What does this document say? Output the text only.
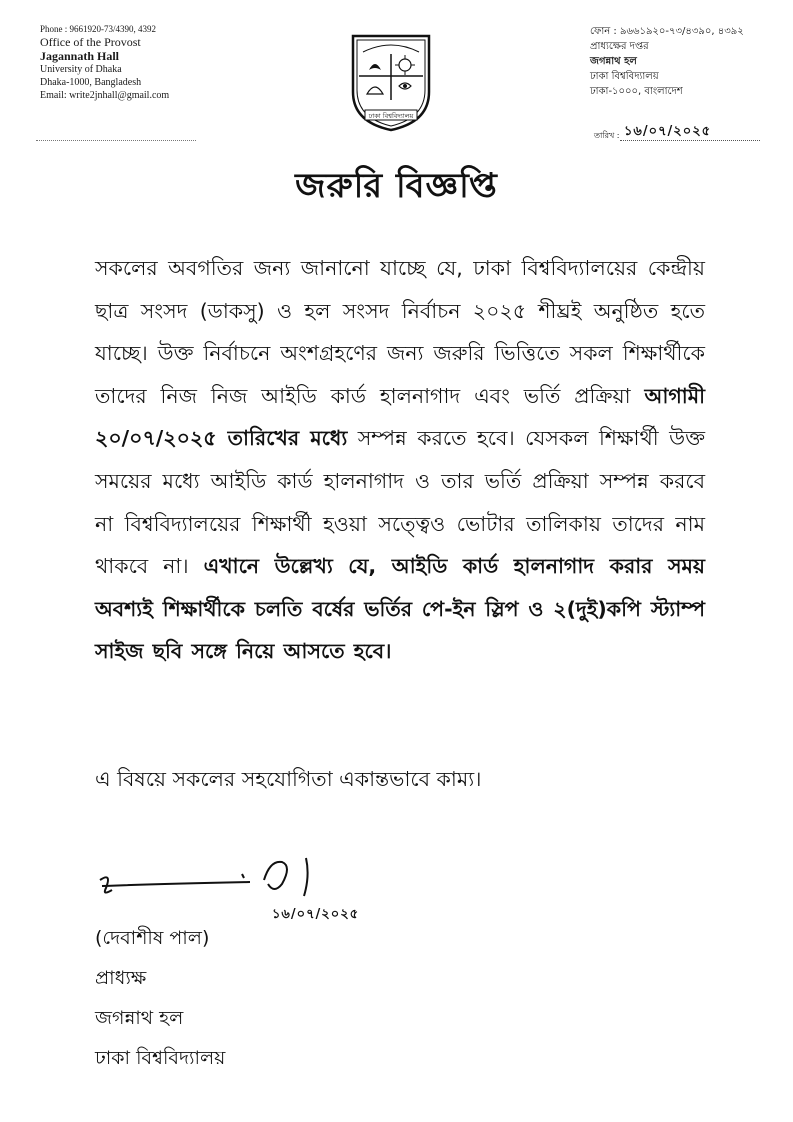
Phone : 9661920-73/4390, 4392
Office of the Provost
Jagannath Hall
University of Dhaka
Dhaka-1000, Bangladesh
Email: write2jnhall@gmail.com
ঢাকা বিশ্ববিদ্যালয়
ফোন : ৯৬৬১৯২০-৭৩/৪৩৯০, ৪৩৯২
প্রাধ্যক্ষের দপ্তর
জগন্নাথ হল
ঢাকা বিশ্ববিদ্যালয়
ঢাকা-১০০০, বাংলাদেশ
তারিখ : ১৬/০৭/২০২৫
জরুরি বিজ্ঞপ্তি
সকলের অবগতির জন্য জানানো যাচ্ছে যে, ঢাকা বিশ্ববিদ্যালয়ের কেন্দ্রীয় ছাত্র সংসদ (ডাকসু) ও হল সংসদ নির্বাচন ২০২৫ শীঘ্রই অনুষ্ঠিত হতে যাচ্ছে। উক্ত নির্বাচনে অংশগ্রহণের জন্য জরুরি ভিত্তিতে সকল শিক্ষার্থীকে তাদের নিজ নিজ আইডি কার্ড হালনাগাদ এবং ভর্তি প্রক্রিয়া আগামী ২০/০৭/২০২৫ তারিখের মধ্যে সম্পন্ন করতে হবে। যেসকল শিক্ষার্থী উক্ত সময়ের মধ্যে আইডি কার্ড হালনাগাদ ও তার ভর্তি প্রক্রিয়া সম্পন্ন করবে না বিশ্ববিদ্যালয়ের শিক্ষার্থী হওয়া সত্ত্বেও ভোটার তালিকায় তাদের নাম থাকবে না। এখানে উল্লেখ্য যে, আইডি কার্ড হালনাগাদ করার সময় অবশ্যই শিক্ষার্থীকে চলতি বর্ষের ভর্তির পে-ইন স্লিপ ও ২(দুই)কপি স্ট্যাম্প সাইজ ছবি সঙ্গে নিয়ে আসতে হবে।
এ বিষয়ে সকলের সহযোগিতা একান্তভাবে কাম্য।
১৬/০৭/২০২৫
(দেবাশীষ পাল)
প্রাধ্যক্ষ
জগন্নাথ হল
ঢাকা বিশ্ববিদ্যালয়
